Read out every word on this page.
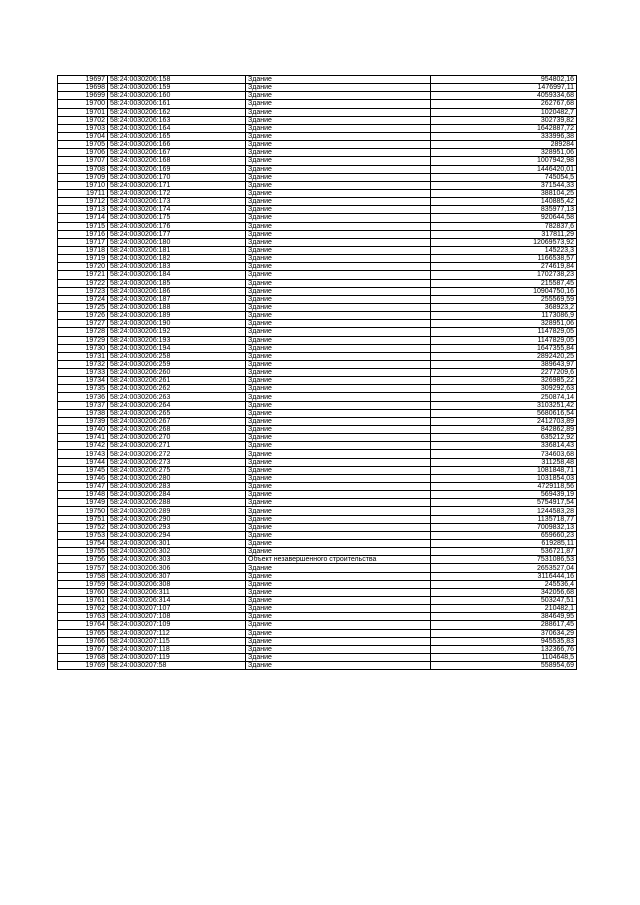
19697	58:24:0030206:158	Здание	954802,16
19698	58:24:0030206:159	Здание	1476997,11
19699	58:24:0030206:160	Здание	4059334,68
19700	58:24:0030206:161	Здание	262767,68
19701	58:24:0030206:162	Здание	1020482,7
19702	58:24:0030206:163	Здание	302739,82
19703	58:24:0030206:164	Здание	1642887,72
19704	58:24:0030206:165	Здание	333996,38
19705	58:24:0030206:166	Здание	289284
19706	58:24:0030206:167	Здание	328951,06
19707	58:24:0030206:168	Здание	1007942,98
19708	58:24:0030206:169	Здание	1446420,01
19709	58:24:0030206:170	Здание	745054,5
19710	58:24:0030206:171	Здание	371544,33
19711	58:24:0030206:172	Здание	388104,25
19712	58:24:0030206:173	Здание	140885,42
19713	58:24:0030206:174	Здание	835977,13
19714	58:24:0030206:175	Здание	920644,58
19715	58:24:0030206:176	Здание	782837,6
19716	58:24:0030206:177	Здание	317811,29
19717	58:24:0030206:180	Здание	12069573,92
19718	58:24:0030206:181	Здание	145223,3
19719	58:24:0030206:182	Здание	1166538,57
19720	58:24:0030206:183	Здание	274619,84
19721	58:24:0030206:184	Здание	1702738,23
19722	58:24:0030206:185	Здание	215587,45
19723	58:24:0030206:186	Здание	10904750,16
19724	58:24:0030206:187	Здание	255569,59
19725	58:24:0030206:188	Здание	368923,2
19726	58:24:0030206:189	Здание	1173086,9
19727	58:24:0030206:190	Здание	328951,06
19728	58:24:0030206:192	Здание	1147829,05
19729	58:24:0030206:193	Здание	1147829,05
19730	58:24:0030206:194	Здание	1647355,84
19731	58:24:0030206:258	Здание	2892420,25
19732	58:24:0030206:259	Здание	389643,97
19733	58:24:0030206:260	Здание	2277209,6
19734	58:24:0030206:261	Здание	326985,22
19735	58:24:0030206:262	Здание	309292,63
19736	58:24:0030206:263	Здание	250874,14
19737	58:24:0030206:264	Здание	3103251,42
19738	58:24:0030206:265	Здание	5680616,54
19739	58:24:0030206:267	Здание	2412703,89
19740	58:24:0030206:268	Здание	842862,89
19741	58:24:0030206:270	Здание	635212,92
19742	58:24:0030206:271	Здание	336814,43
19743	58:24:0030206:272	Здание	734603,68
19744	58:24:0030206:273	Здание	311258,48
19745	58:24:0030206:275	Здание	1081848,71
19746	58:24:0030206:280	Здание	1031854,03
19747	58:24:0030206:283	Здание	4729118,56
19748	58:24:0030206:284	Здание	569439,19
19749	58:24:0030206:288	Здание	5754917,54
19750	58:24:0030206:289	Здание	1244583,28
19751	58:24:0030206:290	Здание	1135718,77
19752	58:24:0030206:293	Здание	7009832,13
19753	58:24:0030206:294	Здание	659660,23
19754	58:24:0030206:301	Здание	619285,11
19755	58:24:0030206:302	Здание	536721,87
19756	58:24:0030206:303	Объект незавершенного строительства	7531086,53
19757	58:24:0030206:306	Здание	2653527,04
19758	58:24:0030206:307	Здание	3116444,16
19759	58:24:0030206:308	Здание	245536,4
19760	58:24:0030206:311	Здание	342056,68
19761	58:24:0030206:314	Здание	503247,51
19762	58:24:0030207:107	Здание	210482,1
19763	58:24:0030207:108	Здание	384649,95
19764	58:24:0030207:109	Здание	288617,45
19765	58:24:0030207:112	Здание	370634,29
19766	58:24:0030207:115	Здание	945535,83
19767	58:24:0030207:118	Здание	132366,76
19768	58:24:0030207:119	Здание	1104648,5
19769	58:24:0030207:58	Здание	558954,69
